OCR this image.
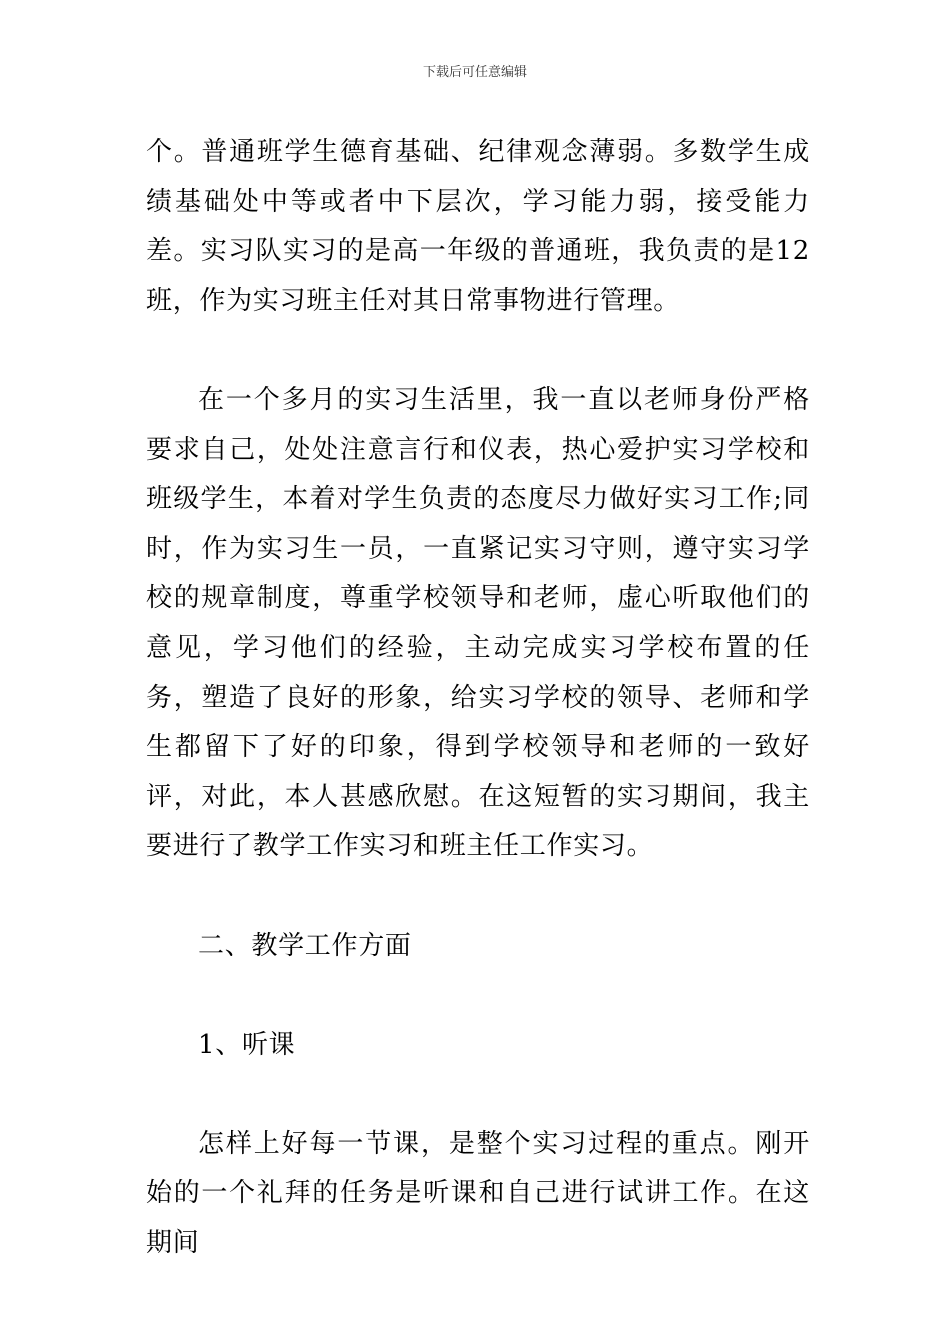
下载后可任意编辑

个。普通班学生德育基础、纪律观念薄弱。多数学生成绩基础处中等或者中下层次，学习能力弱，接受能力差。实习队实习的是高一年级的普通班，我负责的是12班，作为实习班主任对其日常事物进行管理。

在一个多月的实习生活里，我一直以老师身份严格要求自己，处处注意言行和仪表，热心爱护实习学校和班级学生，本着对学生负责的态度尽力做好实习工作;同时，作为实习生一员，一直紧记实习守则，遵守实习学校的规章制度，尊重学校领导和老师，虚心听取他们的意见，学习他们的经验，主动完成实习学校布置的任务，塑造了良好的形象，给实习学校的领导、老师和学生都留下了好的印象，得到学校领导和老师的一致好评，对此，本人甚感欣慰。在这短暂的实习期间，我主要进行了教学工作实习和班主任工作实习。

二、教学工作方面

1、听课

怎样上好每一节课，是整个实习过程的重点。刚开始的一个礼拜的任务是听课和自己进行试讲工作。在这期间
